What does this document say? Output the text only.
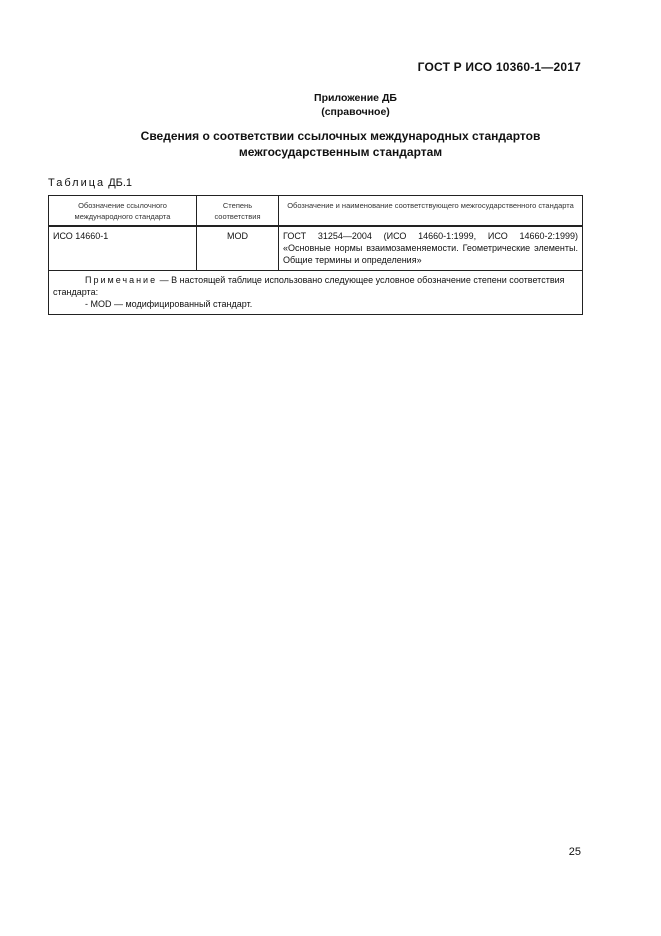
ГОСТ Р ИСО 10360-1—2017
Приложение ДБ
(справочное)
Сведения о соответствии ссылочных международных стандартов
межгосударственным стандартам
Таблица ДБ.1
Обозначение ссылочного международного стандарта	Степень соответствия	Обозначение и наименование соответствующего межгосударственного стандарта
ИСО 14660-1	MOD	ГОСТ 31254—2004 (ИСО 14660-1:1999, ИСО 14660-2:1999) «Основные нормы взаимозаменяемости. Геометрические элементы. Общие термины и определения»

Примечание — В настоящей таблице использовано следующее условное обозначение степени соответствия стандарта:
- MOD — модифицированный стандарт.		
25
